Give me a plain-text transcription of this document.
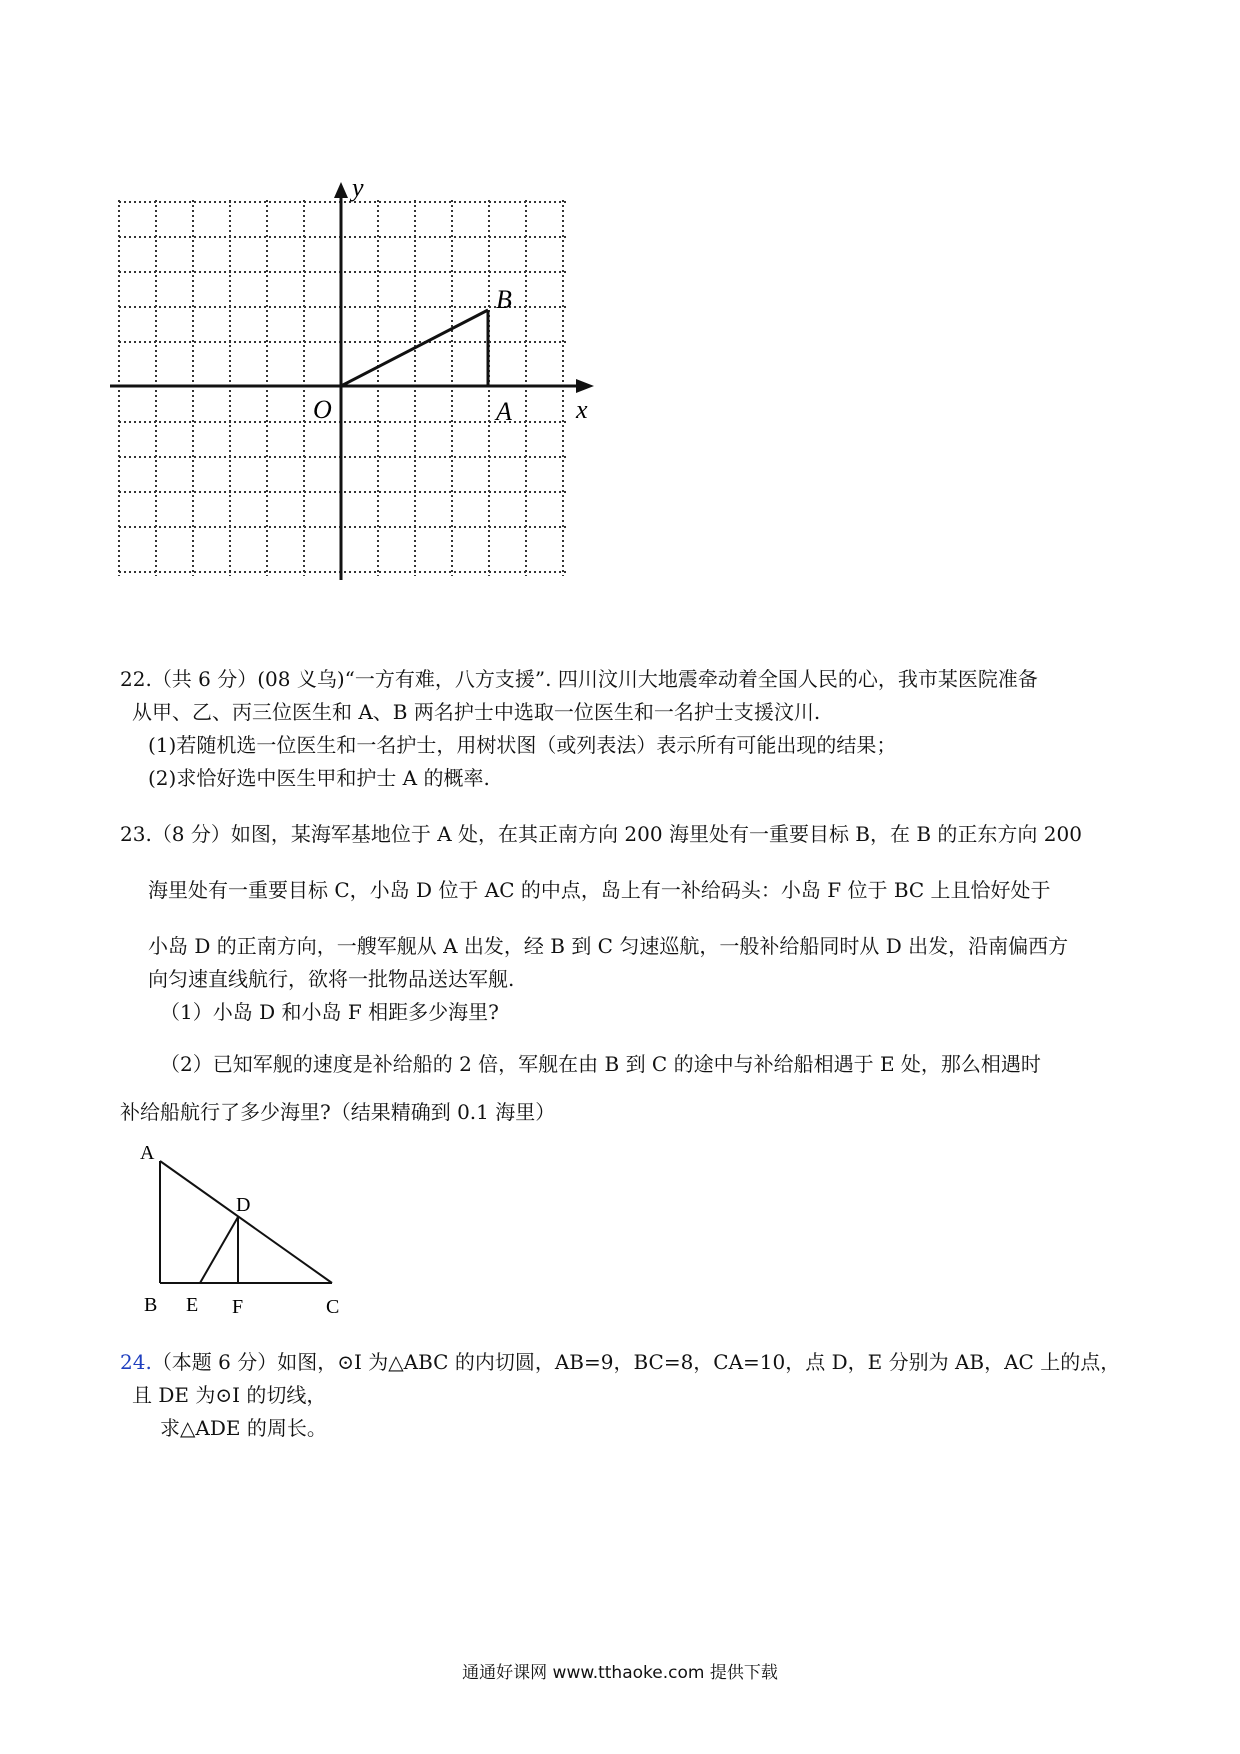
y
x
O	A
B
22.（共 6 分）(08 义乌)“一方有难，八方支援”. 四川汶川大地震牵动着全国人民的心，我市某医院准备
从甲、乙、丙三位医生和 A、B 两名护士中选取一位医生和一名护士支援汶川.
(1)若随机选一位医生和一名护士，用树状图（或列表法）表示所有可能出现的结果；
(2)求恰好选中医生甲和护士 A 的概率.
23.（8 分）如图，某海军基地位于 A 处，在其正南方向 200 海里处有一重要目标 B，在 B 的正东方向 200
海里处有一重要目标 C，小岛 D 位于 AC 的中点，岛上有一补给码头：小岛 F 位于 BC 上且恰好处于
小岛 D 的正南方向，一艘军舰从 A 出发，经 B 到 C 匀速巡航，一般补给船同时从 D 出发，沿南偏西方
向匀速直线航行，欲将一批物品送达军舰.
（1）小岛 D 和小岛 F 相距多少海里?
（2）已知军舰的速度是补给船的 2 倍，军舰在由 B 到 C 的途中与补给船相遇于 E 处，那么相遇时
补给船航行了多少海里?（结果精确到 0.1 海里）
A
D
B E F	C
24.（本题 6 分）如图，⊙I 为△ABC 的内切圆，AB=9，BC=8，CA=10，点 D，E 分别为 AB，AC 上的点，
且 DE 为⊙I 的切线，
求△ADE 的周长。
通通好课网 www.tthaoke.com 提供下载
